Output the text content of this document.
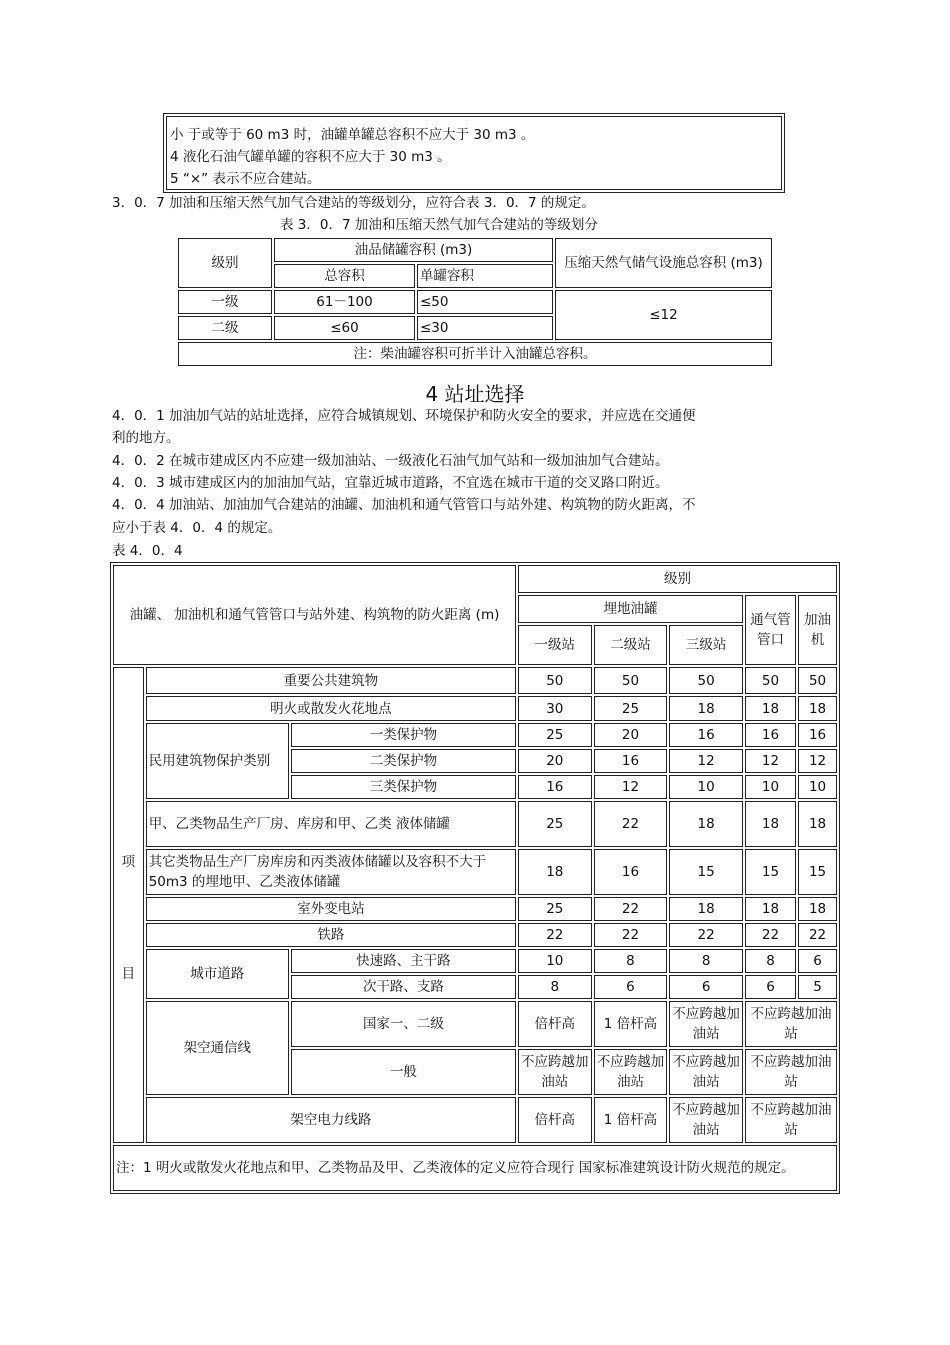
小 于或等于 60 m3 时，油罐单罐总容积不应大于 30 m3 。
4 液化石油气罐单罐的容积不应大于 30 m3 。
5 “×” 表示不应合建站。
3．0．7 加油和压缩天然气加气合建站的等级划分，应符合表 3．0．7 的规定。
表 3．0．7 加油和压缩天然气加气合建站的等级划分
级别	油品储罐容积 (m3)		压缩天然气储气设施总容积 (m3)
	总容积	单罐容积	
一级	61－100	≤50	≤12
二级	≤60	≤30	
注：柴油罐容积可折半计入油罐总容积。			
4 站址选择
4．0．1 加油加气站的站址选择，应符合城镇规划、环境保护和防火安全的要求，并应选在交通便
利的地方。
4．0．2 在城市建成区内不应建一级加油站、一级液化石油气加气站和一级加油加气合建站。
4．0．3 城市建成区内的加油加气站，宜靠近城市道路，不宜选在城市干道的交叉路口附近。
4．0．4 加油站、加油加气合建站的油罐、加油机和通气管管口与站外建、构筑物的防火距离，不
应小于表 4．0．4 的规定。
表 4．0．4
油罐、 加油机和通气管管口与站外建、构筑物的防火距离 (m)			级别				
			埋地油罐			通气管管口	加油机
			一级站	二级站	三级站		

项
目	重要公共建筑物		50	50	50	50	50
	明火或散发火花地点		30	25	18	18	18
	民用建筑物保护类别	一类保护物	25	20	16	16	16
		二类保护物	20	16	12	12	12
		三类保护物	16	12	10	10	10
	甲、乙类物品生产厂房、库房和甲、乙类 液体储罐		25	22	18	18	18
	其它类物品生产厂房库房和丙类液体储罐以及容积不大于 50m3 的埋地甲、乙类液体储罐		18	16	15	15	15
	室外变电站		25	22	18	18	18
	铁路		22	22	22	22	22
	城市道路	快速路、主干路	10	8	8	8	6
		次干路、支路	8	6	6	6	5
	架空通信线	国家一、二级	倍杆高	1 倍杆高	不应跨越加油站	不应跨越加油站	
		一般	不应跨越加油站	不应跨越加油站	不应跨越加油站	不应跨越加油站	
	架空电力线路		倍杆高	1 倍杆高	不应跨越加油站	不应跨越加油站	
注：1 明火或散发火花地点和甲、乙类物品及甲、乙类液体的定义应符合现行 国家标准建筑设计防火规范的规定。							
